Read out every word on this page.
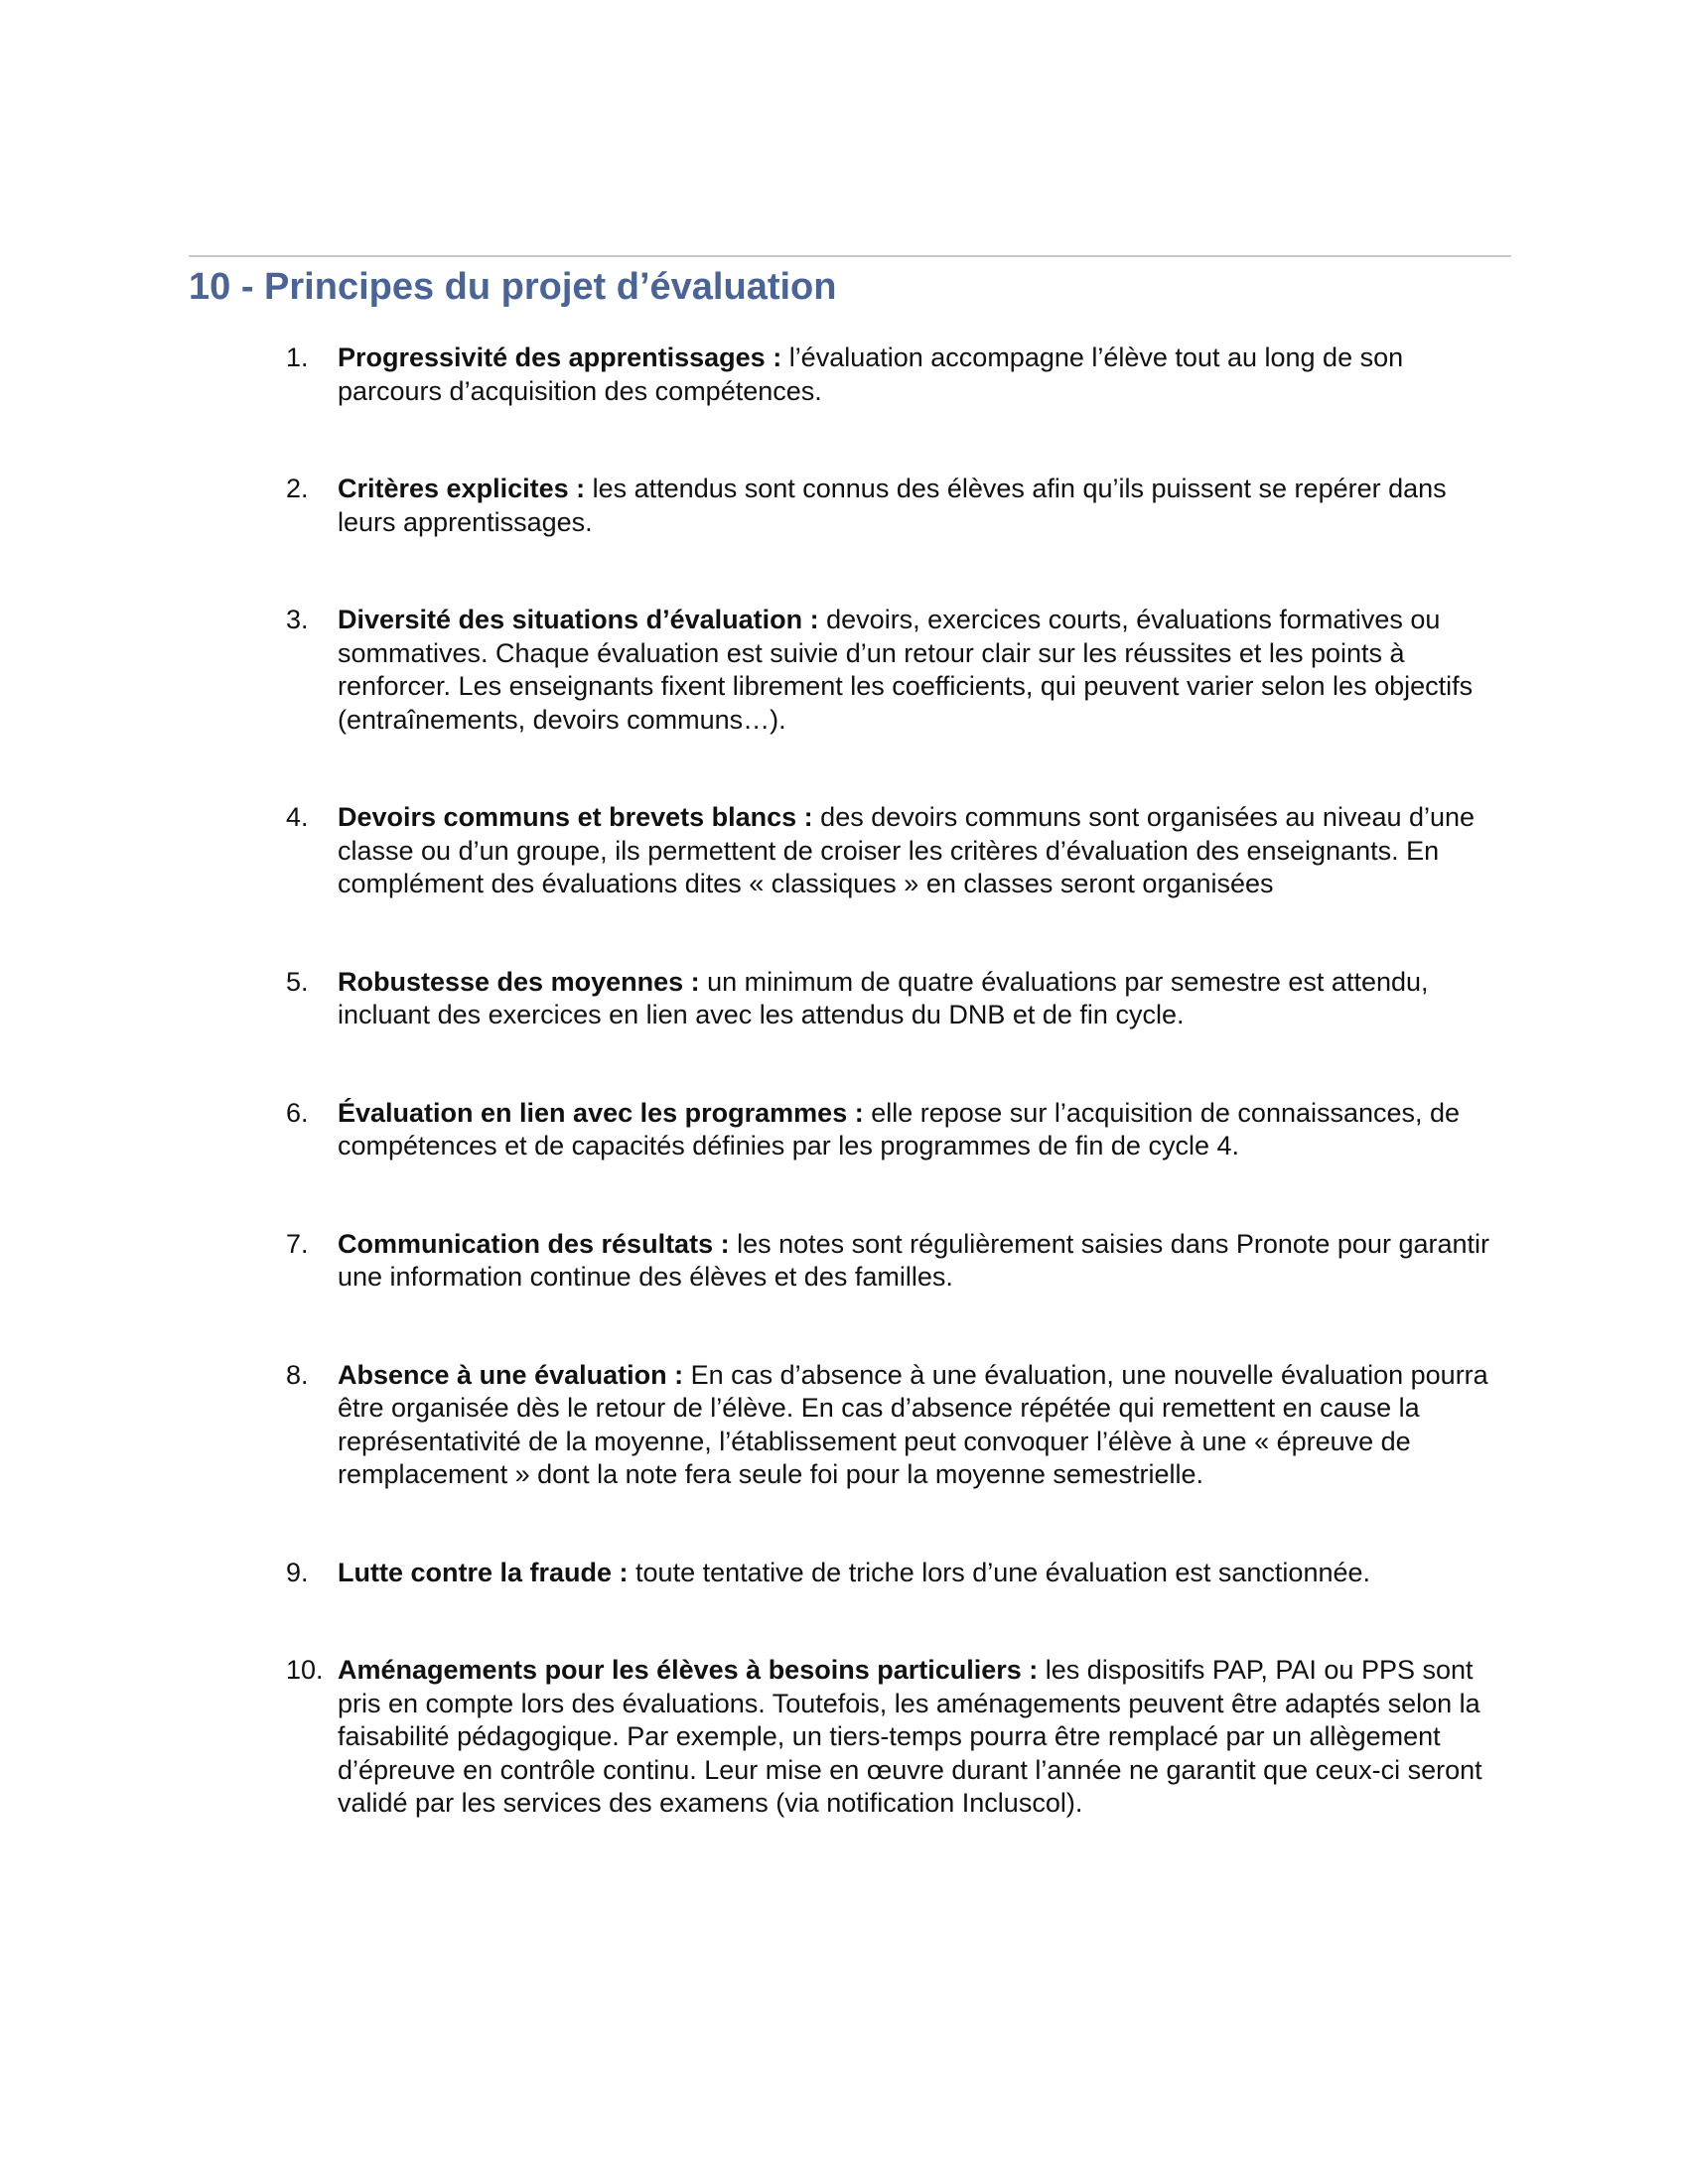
10 - Principes du projet d’évaluation
1. Progressivité des apprentissages : l’évaluation accompagne l’élève tout au long de son parcours d’acquisition des compétences.
2. Critères explicites : les attendus sont connus des élèves afin qu’ils puissent se repérer dans leurs apprentissages.
3. Diversité des situations d’évaluation : devoirs, exercices courts, évaluations formatives ou sommatives. Chaque évaluation est suivie d’un retour clair sur les réussites et les points à renforcer. Les enseignants fixent librement les coefficients, qui peuvent varier selon les objectifs (entraînements, devoirs communs…).
4. Devoirs communs et brevets blancs : des devoirs communs sont organisées au niveau d’une classe ou d’un groupe, ils permettent de croiser les critères d’évaluation des enseignants. En complément des évaluations dites « classiques » en classes seront organisées
5. Robustesse des moyennes : un minimum de quatre évaluations par semestre est attendu, incluant des exercices en lien avec les attendus du DNB et de fin cycle.
6. Évaluation en lien avec les programmes : elle repose sur l’acquisition de connaissances, de compétences et de capacités définies par les programmes de fin de cycle 4.
7. Communication des résultats : les notes sont régulièrement saisies dans Pronote pour garantir une information continue des élèves et des familles.
8. Absence à une évaluation : En cas d’absence à une évaluation, une nouvelle évaluation pourra être organisée dès le retour de l’élève. En cas d’absence répétée qui remettent en cause la représentativité de la moyenne, l’établissement peut convoquer l’élève à une « épreuve de remplacement » dont la note fera seule foi pour la moyenne semestrielle.
9. Lutte contre la fraude : toute tentative de triche lors d’une évaluation est sanctionnée.
10. Aménagements pour les élèves à besoins particuliers : les dispositifs PAP, PAI ou PPS sont pris en compte lors des évaluations. Toutefois, les aménagements peuvent être adaptés selon la faisabilité pédagogique. Par exemple, un tiers-temps pourra être remplacé par un allègement d’épreuve en contrôle continu. Leur mise en œuvre durant l’année ne garantit que ceux-ci seront validé par les services des examens (via notification Incluscol).
